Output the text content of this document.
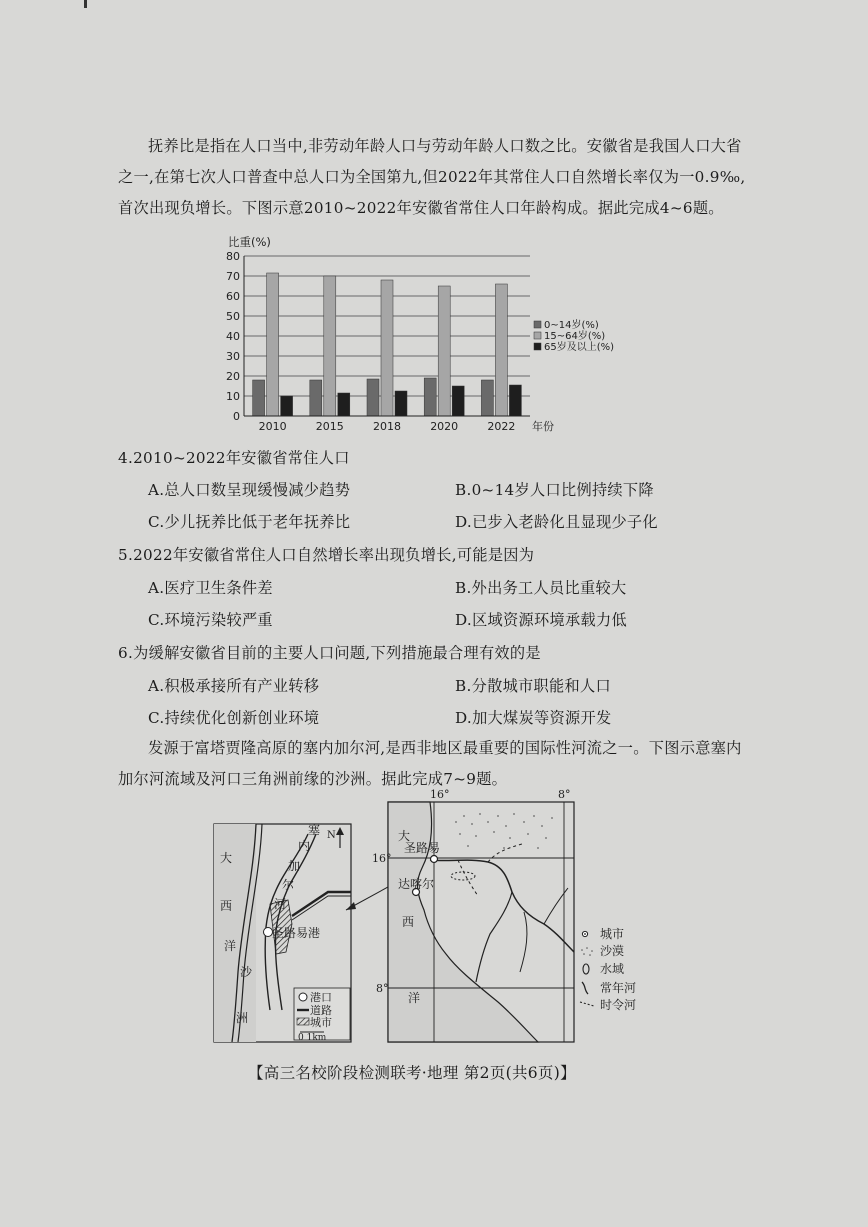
抚养比是指在人口当中,非劳动年龄人口与劳动年龄人口数之比。安徽省是我国人口大省
之一,在第七次人口普查中总人口为全国第九,但2022年其常住人口自然增长率仅为一0.9‰,
首次出现负增长。下图示意2010~2022年安徽省常住人口年龄构成。据此完成4~6题。
比重(%)
0
10
20
30
40
50
60
70
80
2010	2015	2018	2020	2022 年份
0~14岁(%)
15~64岁(%)
65岁及以上(%)
4.2010~2022年安徽省常住人口
A.总人口数呈现缓慢减少趋势	B.0~14岁人口比例持续下降
C.少儿抚养比低于老年抚养比	D.已步入老龄化且显现少子化
5.2022年安徽省常住人口自然增长率出现负增长,可能是因为
A.医疗卫生条件差	B.外出务工人员比重较大
C.环境污染较严重	D.区域资源环境承载力低
6.为缓解安徽省目前的主要人口问题,下列措施最合理有效的是
A.积极承接所有产业转移	B.分散城市职能和人口
C.持续优化创新创业环境	D.加大煤炭等资源开发
发源于富塔贾隆高原的塞内加尔河,是西非地区最重要的国际性河流之一。下图示意塞内
加尔河流域及河口三角洲前缘的沙洲。据此完成7~9题。
圣路易港
大
西
洋
沙
洲
塞
内
加
尔
河
N
港口
道路
城市
0 1km
圣路易
达喀尔
16°	8°
16°
8°
大
西
洋
城市
沙漠
水域
常年河
时令河
【高三名校阶段检测联考·地理 第2页(共6页)】
